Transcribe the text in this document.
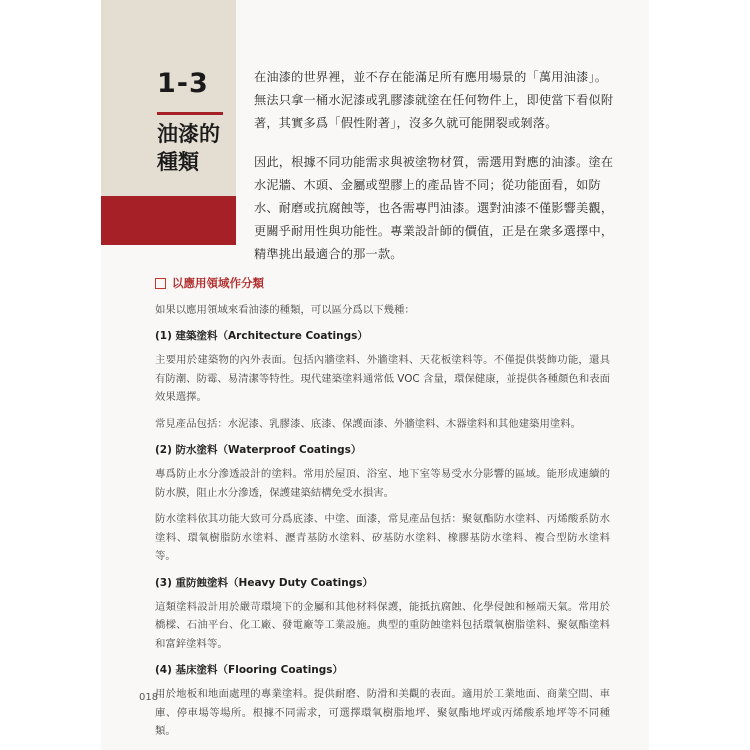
1-3
油漆的種類

在油漆的世界裡，並不存在能滿足所有應用場景的「萬用油漆」。無法只拿一桶水泥漆或乳膠漆就塗在任何物件上，即使當下看似附著，其實多爲「假性附著」，沒多久就可能開裂或剝落。

因此，根據不同功能需求與被塗物材質，需選用對應的油漆。塗在水泥牆、木頭、金屬或塑膠上的產品皆不同；從功能面看，如防水、耐磨或抗腐蝕等，也各需專門油漆。選對油漆不僅影響美觀，更關乎耐用性與功能性。專業設計師的價值，正是在衆多選擇中，精準挑出最適合的那一款。

以應用領域作分類

如果以應用領域來看油漆的種類，可以區分爲以下幾種：

(1) 建築塗料（Architecture Coatings）

主要用於建築物的內外表面。包括內牆塗料、外牆塗料、天花板塗料等。不僅提供裝飾功能，還具有防潮、防霉、易清潔等特性。現代建築塗料通常低 VOC 含量，環保健康，並提供各種顏色和表面效果選擇。

常見產品包括：水泥漆、乳膠漆、底漆、保護面漆、外牆塗料、木器塗料和其他建築用塗料。

(2) 防水塗料（Waterproof Coatings）

專爲防止水分滲透設計的塗料。常用於屋頂、浴室、地下室等易受水分影響的區域。能形成連續的防水膜，阻止水分滲透，保護建築結構免受水損害。

防水塗料依其功能大致可分爲底漆、中塗、面漆，常見產品包括：聚氨酯防水塗料、丙烯酸系防水塗料、環氧樹脂防水塗料、瀝青基防水塗料、矽基防水塗料、橡膠基防水塗料、複合型防水塗料等。

(3) 重防蝕塗料（Heavy Duty Coatings）

這類塗料設計用於嚴苛環境下的金屬和其他材料保護，能抵抗腐蝕、化學侵蝕和極端天氣。常用於橋樑、石油平台、化工廠、發電廠等工業設施。典型的重防蝕塗料包括環氧樹脂塗料、聚氨酯塗料和富鋅塗料等。

(4) 基床塗料（Flooring Coatings）

用於地板和地面處理的專業塗料。提供耐磨、防滑和美觀的表面。適用於工業地面、商業空間、車庫、停車場等場所。根據不同需求，可選擇環氧樹脂地坪、聚氨酯地坪或丙烯酸系地坪等不同種類。

018
